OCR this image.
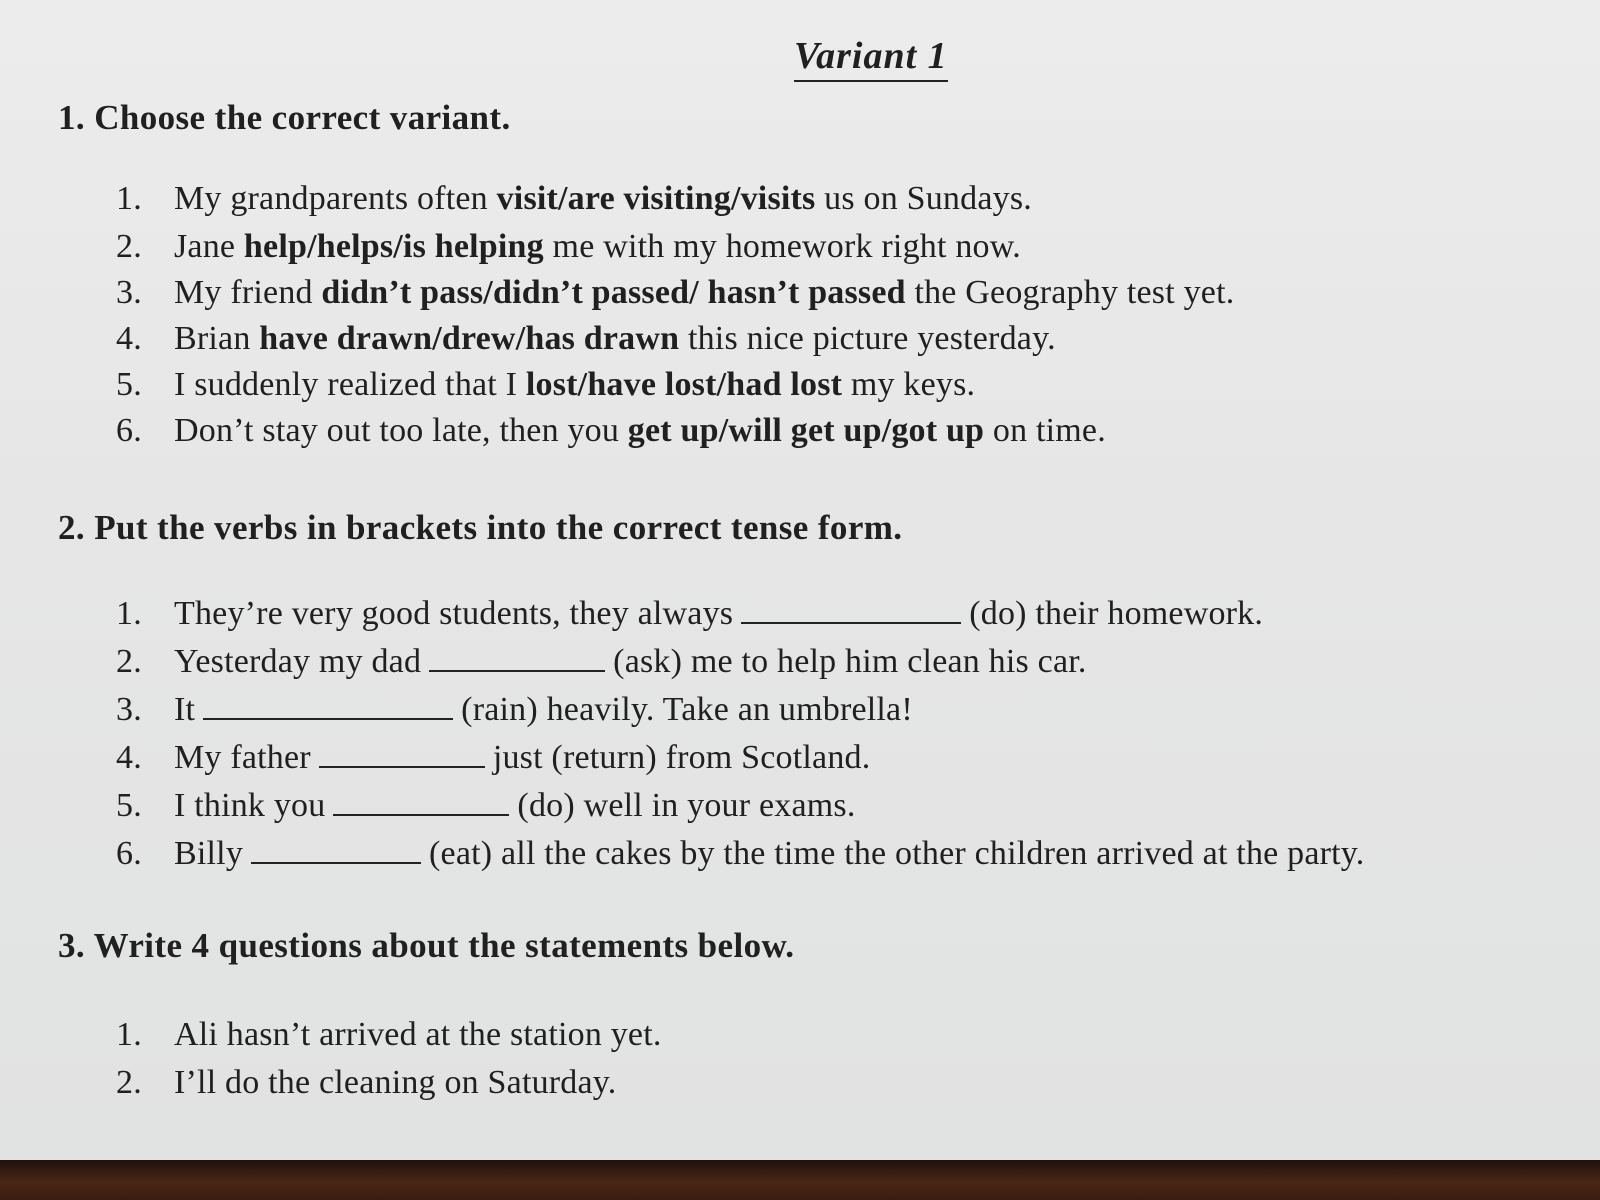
Variant 1
1. Choose the correct variant.
1. My grandparents often visit/are visiting/visits us on Sundays.
2. Jane help/helps/is helping me with my homework right now.
3. My friend didn’t pass/didn’t passed/ hasn’t passed the Geography test yet.
4. Brian have drawn/drew/has drawn this nice picture yesterday.
5. I suddenly realized that I lost/have lost/had lost my keys.
6. Don’t stay out too late, then you get up/will get up/got up on time.
2. Put the verbs in brackets into the correct tense form.
1. They’re very good students, they always	(do) their homework.
2. Yesterday my dad	(ask) me to help him clean his car.
3. It	(rain) heavily. Take an umbrella!
4. My father	just (return) from Scotland.
5. I think you	(do) well in your exams.
6. Billy	(eat) all the cakes by the time the other children arrived at the party.
3. Write 4 questions about the statements below.
1. Ali hasn’t arrived at the station yet.
2. I’ll do the cleaning on Saturday.
